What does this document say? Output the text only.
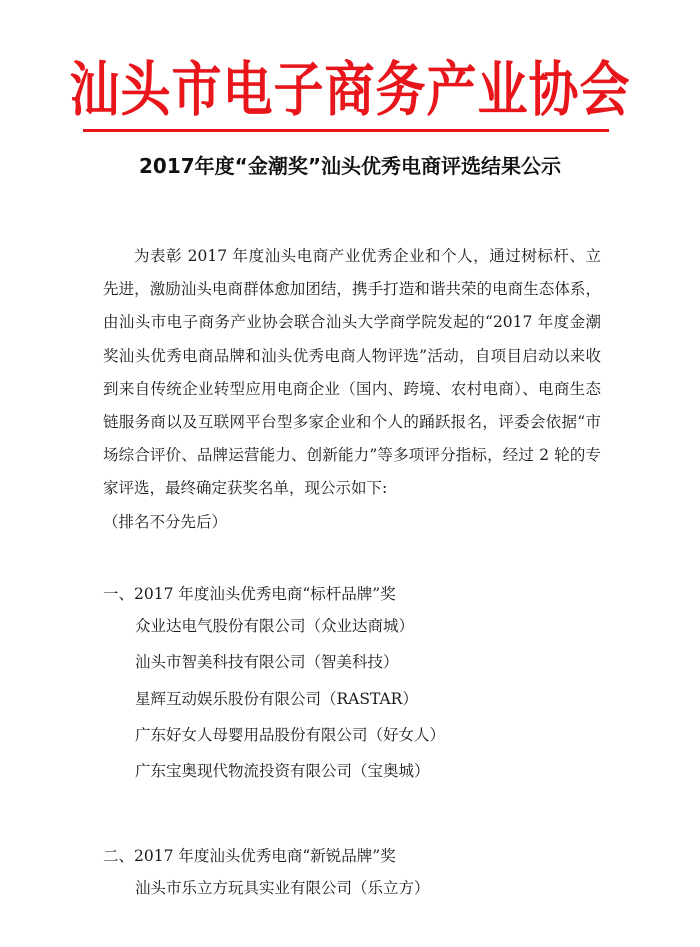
汕头市电子商务产业协会
2017年度“金潮奖”汕头优秀电商评选结果公示

为表彰 2017 年度汕头电商产业优秀企业和个人，通过树标杆、立先进，激励汕头电商群体愈加团结，携手打造和谐共荣的电商生态体系，由汕头市电子商务产业协会联合汕头大学商学院发起的“2017 年度金潮奖汕头优秀电商品牌和汕头优秀电商人物评选”活动，自项目启动以来收到来自传统企业转型应用电商企业（国内、跨境、农村电商）、电商生态链服务商以及互联网平台型多家企业和个人的踊跃报名，评委会依据“市场综合评价、品牌运营能力、创新能力”等多项评分指标，经过 2 轮的专家评选，最终确定获奖名单，现公示如下:

（排名不分先后）

一、2017 年度汕头优秀电商“标杆品牌”奖
众业达电气股份有限公司（众业达商城）
汕头市智美科技有限公司（智美科技）
星辉互动娱乐股份有限公司（RASTAR）
广东好女人母婴用品股份有限公司（好女人）
广东宝奥现代物流投资有限公司（宝奥城）
二、2017 年度汕头优秀电商“新锐品牌”奖
汕头市乐立方玩具实业有限公司（乐立方）
